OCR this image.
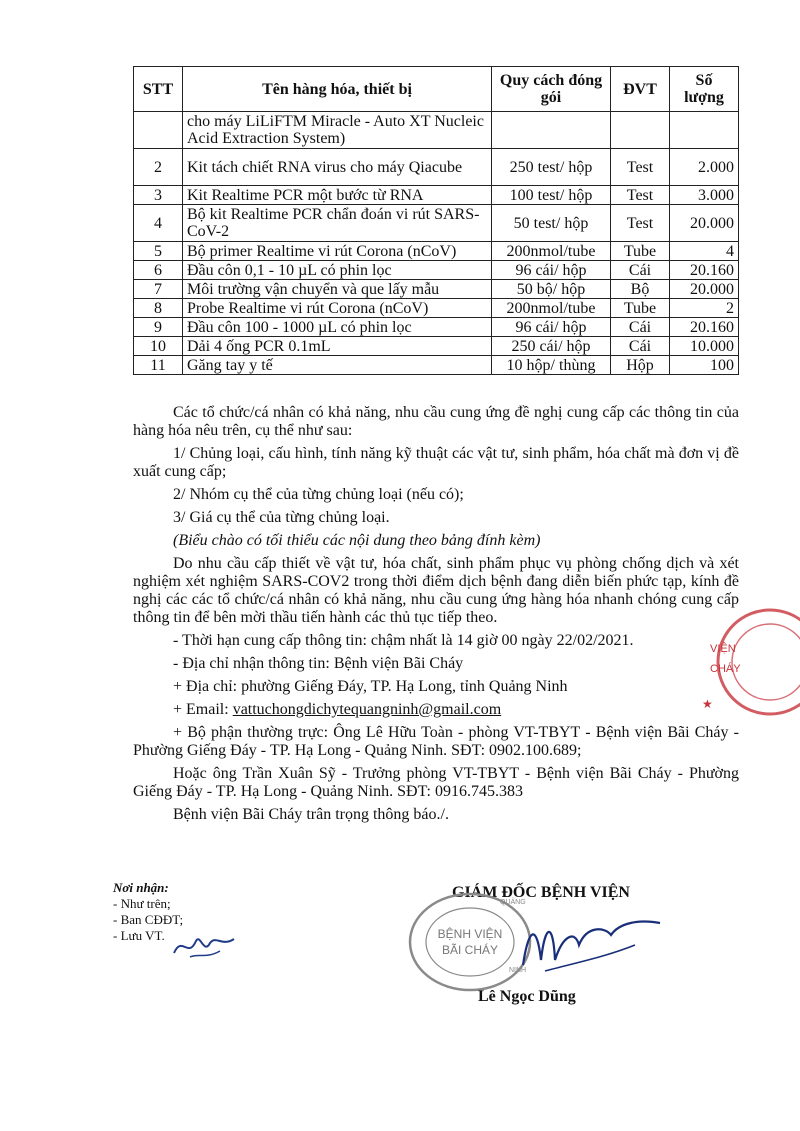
STT	Tên hàng hóa, thiết bị	Quy cách đóng gói	ĐVT	Số lượng
	cho máy LiLiFTM Miracle - Auto XT Nucleic Acid Extraction System)			
2	Kit tách chiết RNA virus cho máy Qiacube	250 test/ hộp	Test	2.000
3	Kit Realtime PCR một bước từ RNA	100 test/ hộp	Test	3.000
4	Bộ kit Realtime PCR chẩn đoán vi rút SARS-CoV-2	50 test/ hộp	Test	20.000
5	Bộ primer Realtime vi rút Corona (nCoV)	200nmol/tube	Tube	4
6	Đầu côn 0,1 - 10 µL có phin lọc	96 cái/ hộp	Cái	20.160
7	Môi trường vận chuyển và que lấy mẫu	50 bộ/ hộp	Bộ	20.000
8	Probe Realtime vi rút Corona (nCoV)	200nmol/tube	Tube	2
9	Đầu côn 100 - 1000 µL có phin lọc	96 cái/ hộp	Cái	20.160
10	Dải 4 ống PCR 0.1mL	250 cái/ hộp	Cái	10.000
11	Găng tay y tế	10 hộp/ thùng	Hộp	100

Các tổ chức/cá nhân có khả năng, nhu cầu cung ứng đề nghị cung cấp các thông tin của hàng hóa nêu trên, cụ thể như sau:

1/ Chủng loại, cấu hình, tính năng kỹ thuật các vật tư, sinh phẩm, hóa chất mà đơn vị đề xuất cung cấp;

2/ Nhóm cụ thể của từng chủng loại (nếu có);

3/ Giá cụ thể của từng chủng loại.

(Biểu chào có tối thiểu các nội dung theo bảng đính kèm)

Do nhu cầu cấp thiết về vật tư, hóa chất, sinh phẩm phục vụ phòng chống dịch và xét nghiệm xét nghiệm SARS-COV2 trong thời điểm dịch bệnh đang diễn biến phức tạp, kính đề nghị các các tổ chức/cá nhân có khả năng, nhu cầu cung ứng hàng hóa nhanh chóng cung cấp thông tin để bên mời thầu tiến hành các thủ tục tiếp theo.

- Thời hạn cung cấp thông tin: chậm nhất là 14 giờ 00 ngày 22/02/2021.

- Địa chỉ nhận thông tin: Bệnh viện Bãi Cháy

+ Địa chỉ: phường Giếng Đáy, TP. Hạ Long, tỉnh Quảng Ninh

+ Email: vattuchongdichytequangninh@gmail.com

+ Bộ phận thường trực: Ông Lê Hữu Toàn - phòng VT-TBYT - Bệnh viện Bãi Cháy - Phường Giếng Đáy - TP. Hạ Long - Quảng Ninh. SĐT: 0902.100.689;

Hoặc ông Trần Xuân Sỹ - Trưởng phòng VT-TBYT - Bệnh viện Bãi Cháy - Phường Giếng Đáy - TP. Hạ Long - Quảng Ninh. SĐT: 0916.745.383

Bệnh viện Bãi Cháy trân trọng thông báo./.

VIỆN
CHÁY
★
Nơi nhận:
- Như trên;
- Ban CĐĐT;
- Lưu VT.
GIÁM ĐỐC BỆNH VIỆN
BỆNH VIỆN
BÃI CHÁY
QUẢNG
NINH
Lê Ngọc Dũng
